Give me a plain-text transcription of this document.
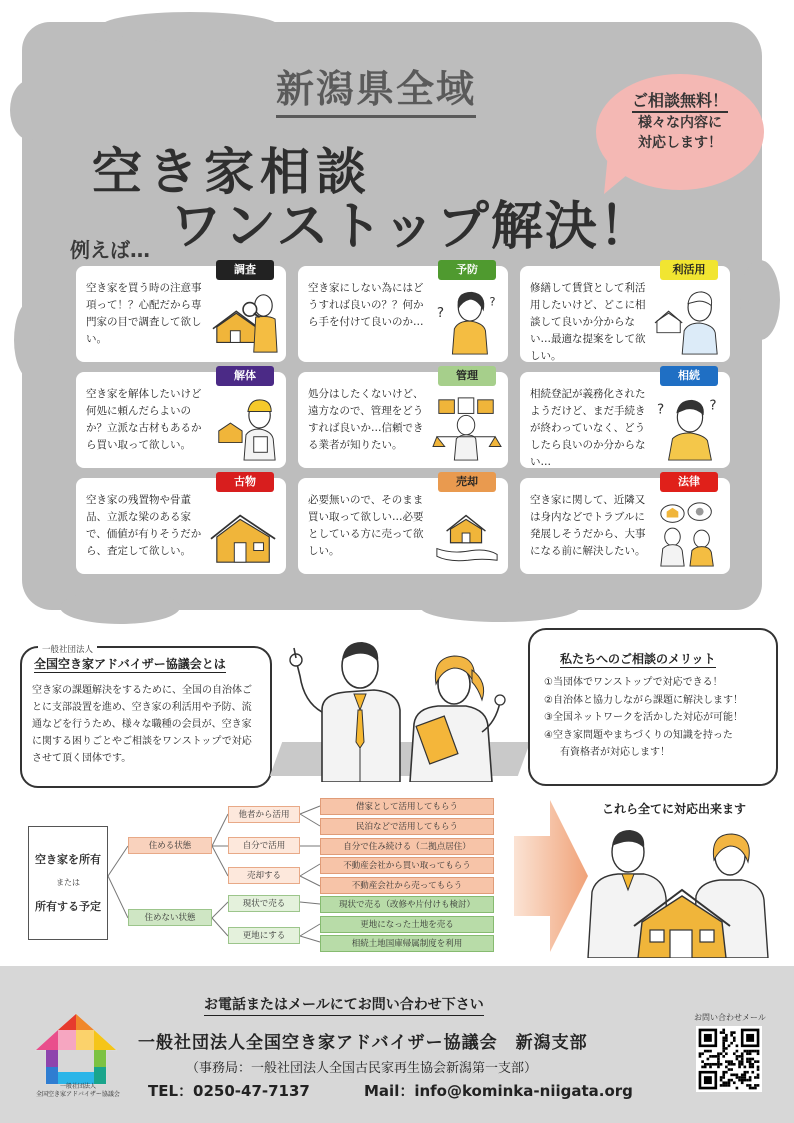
新潟県全域
空き家相談
ワンストップ解決！
例えば…
ご相談無料！
様々な内容に
対応します！
調査
空き家を買う時の注意事項って！？心配だから専門家の目で調査して欲しい。
予防
空き家にしない為にはどうすれば良いの？？何から手を付けて良いのか…
?
?
利活用
修繕して賃貸として利活用したいけど、どこに相談して良いか分からない…最適な提案をして欲しい。
解体
空き家を解体したいけど何処に頼んだらよいのか？立派な古材もあるから買い取って欲しい。
管理
処分はしたくないけど、遠方なので、管理をどうすれば良いか…信頼できる業者が知りたい。
相続
相続登記が義務化されたようだけど、まだ手続きが終わっていなく、どうしたら良いのか分からない…
?	?
古物
空き家の残置物や骨董品、立派な梁のある家で、価値が有りそうだから、査定して欲しい。
売却
必要無いので、そのまま買い取って欲しい…必要としている方に売って欲しい。
法律
空き家に関して、近隣又は身内などでトラブルに発展しそうだから、大事になる前に解決したい。
一般社団法人
全国空き家アドバイザー協議会とは
空き家の課題解決をするために、全国の自治体ごとに支部設置を進め、空き家の利活用や予防、流通などを行うため、様々な職種の会員が、空き家に関する困りごとやご相談をワンストップで対応させて頂く団体です。
私たちへのご相談のメリット
①当団体でワンストップで対応できる！
②自治体と協力しながら課題に解決します！
③全国ネットワークを活かした対応が可能！
④空き家問題やまちづくりの知識を持った
有資格者が対応します！
空き家を所有
または
所有する予定
住める状態
住めない状態
他者から活用
自分で活用
売却する
現状で売る
更地にする
借家として活用してもらう
民泊などで活用してもらう
自分で住み続ける（二拠点居住）
不動産会社から買い取ってもらう
不動産会社から売ってもらう
現状で売る（改修や片付けも検討）
更地になった土地を売る
相続土地国庫帰属制度を利用
これら全てに対応出来ます
お電話またはメールにてお問い合わせ下さい
一般社団法人
全国空き家アドバイザー協議会
一般社団法人全国空き家アドバイザー協議会　新潟支部
（事務局：一般社団法人全国古民家再生協会新潟第一支部）
TEL：0250-47-7137	Mail：info@kominka-niigata.org
お問い合わせメール
